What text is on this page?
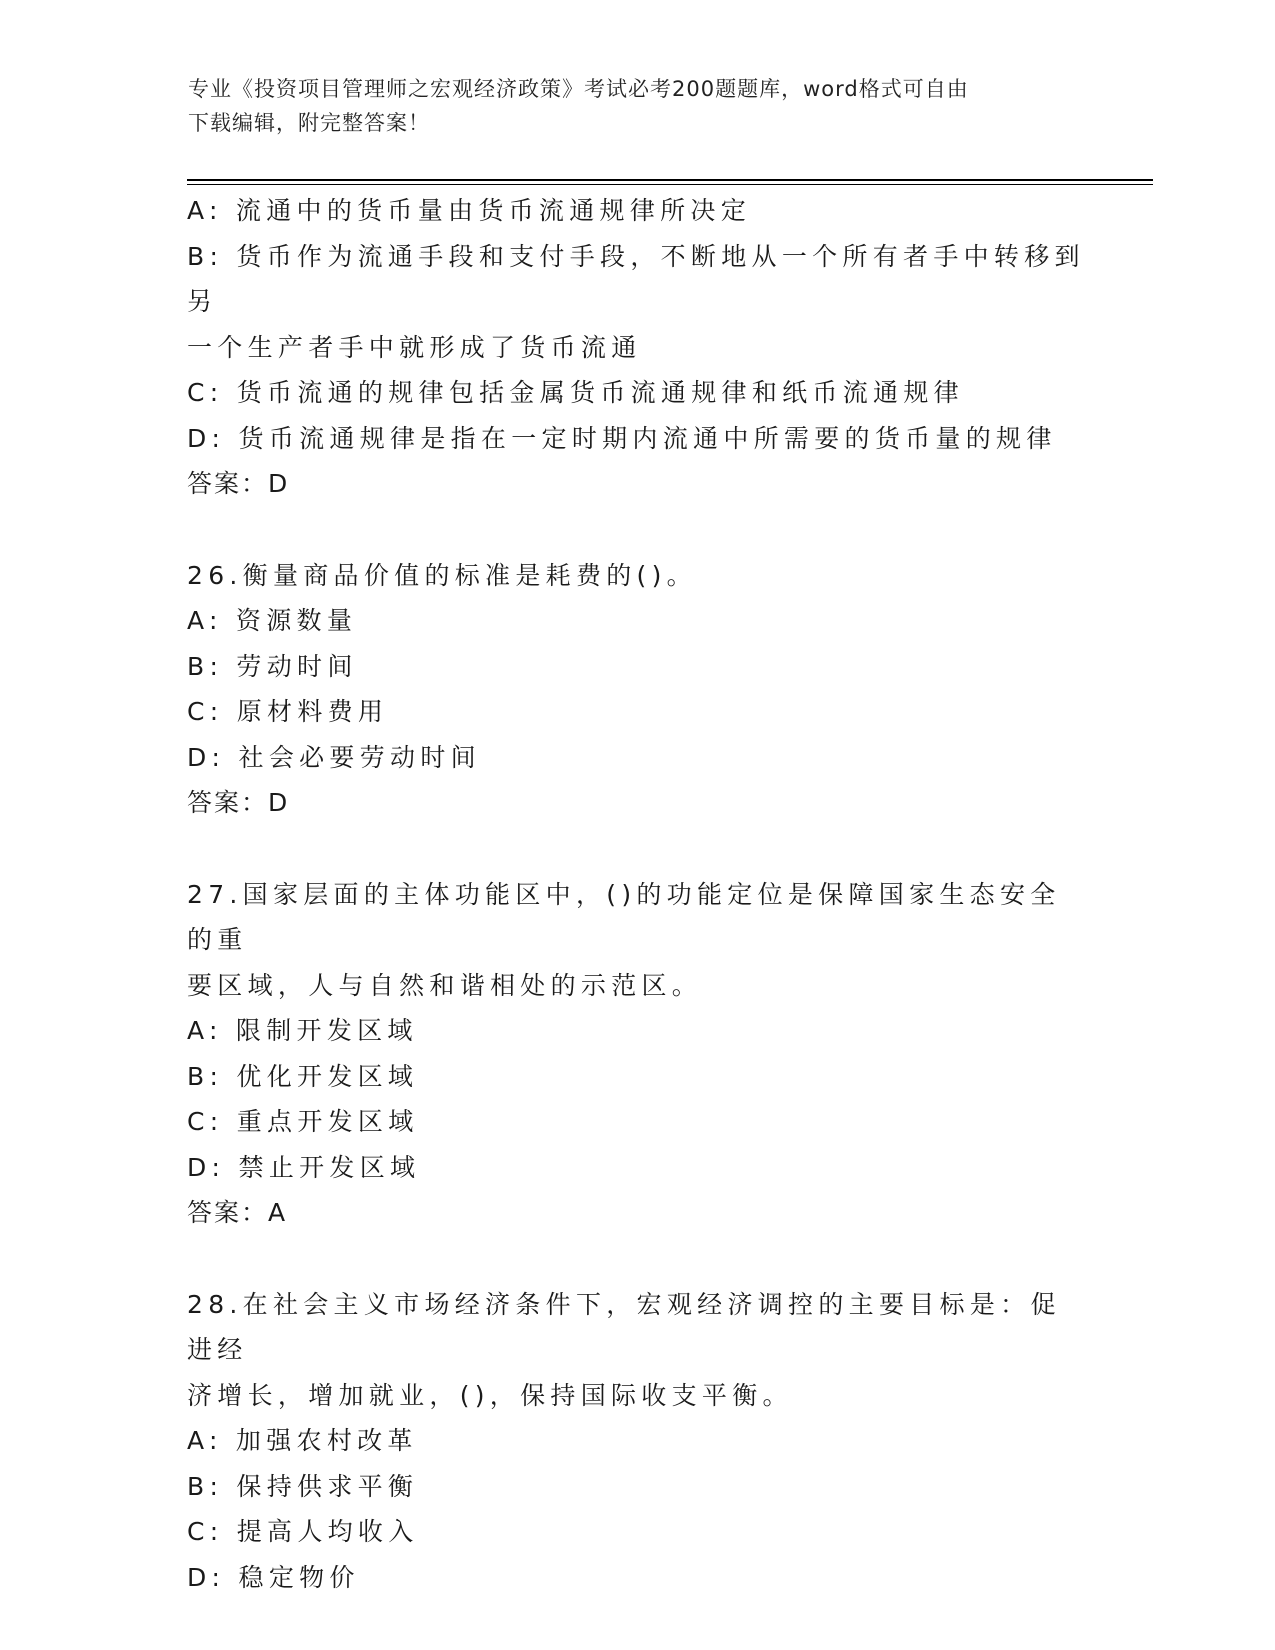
专业《投资项目管理师之宏观经济政策》考试必考200题题库，word格式可自由
下载编辑，附完整答案！

A: 流通中的货币量由货币流通规律所决定

B: 货币作为流通手段和支付手段，不断地从一个所有者手中转移到另

一个生产者手中就形成了货币流通

C: 货币流通的规律包括金属货币流通规律和纸币流通规律

D: 货币流通规律是指在一定时期内流通中所需要的货币量的规律

答案：D

26.衡量商品价值的标准是耗费的()。

A: 资源数量

B: 劳动时间

C: 原材料费用

D: 社会必要劳动时间

答案：D

27.国家层面的主体功能区中，()的功能定位是保障国家生态安全的重

要区域，人与自然和谐相处的示范区。

A: 限制开发区域

B: 优化开发区域

C: 重点开发区域

D: 禁止开发区域

答案：A

28.在社会主义市场经济条件下，宏观经济调控的主要目标是：促进经

济增长，增加就业，()，保持国际收支平衡。

A: 加强农村改革

B: 保持供求平衡

C: 提高人均收入

D: 稳定物价
